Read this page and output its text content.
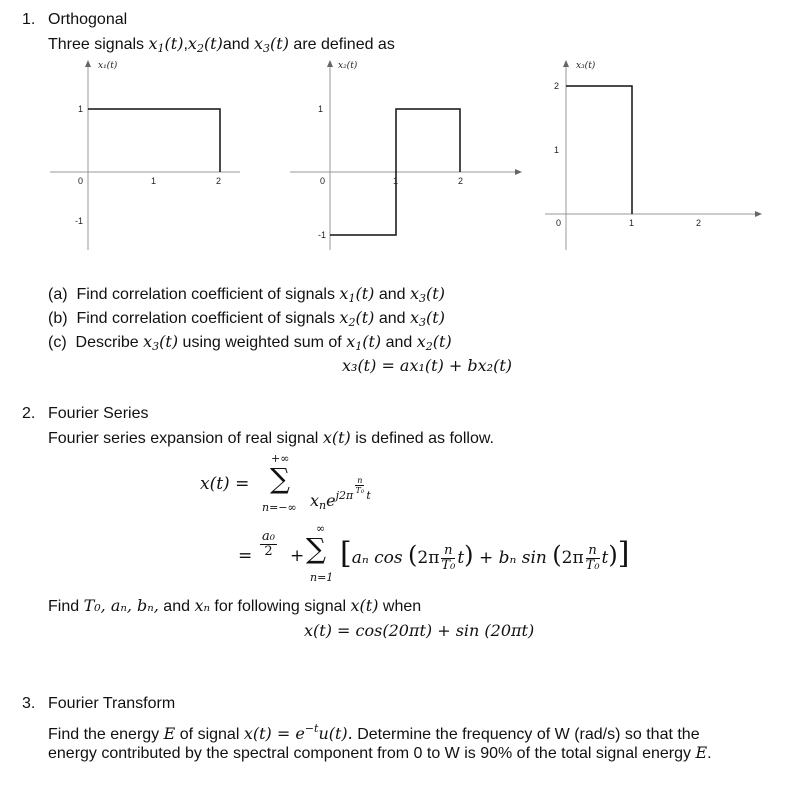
1. Orthogonal
Three signals $x_1(t),x_2(t)and$ $x_3(t)$ are defined as
x₁(t)
1
-1
0	1	2
x₂(t)
1
-1
0	1	2
x₃(t)
2
1
0	1	2
(a) Find correlation coefficient of signals $x_1(t)$ and $x_3(t)$
(b) Find correlation coefficient of signals $x_2(t)$ and $x_3(t)$
(c) Describe $x_3(t)$ using weighted sum of $x_1(t)$ and $x_2(t)$
x₃(t) = ax₁(t) + bx₂(t)
2. Fourier Series
Fourier series expansion of real signal x(t) is defined as follow.
x(t) =
+∞
∑
n=−∞ $x_ne^{j2\pi \frac{n}{\text{T₀}} t}$
= $\frac{\text{a₀}}{2}$ +
∞
∑
n=1
[aₙ $\cos (2\pi \frac{n}{\text{T₀}} t) + b_n$ $\sin (2\pi \frac{n}{\text{T₀}} t)$]
Find T₀, aₙ, bₙ, and xₙ for following signal x(t) when
x(t) = cos(20πt) + sin (20πt)
3. Fourier Transform
Find the energy E of signal $x(t) = e^{-t}u(t)$. Determine the frequency of W (rad/s) so that the
energy contributed by the spectral component from 0 to W is 90% of the total signal energy E.
